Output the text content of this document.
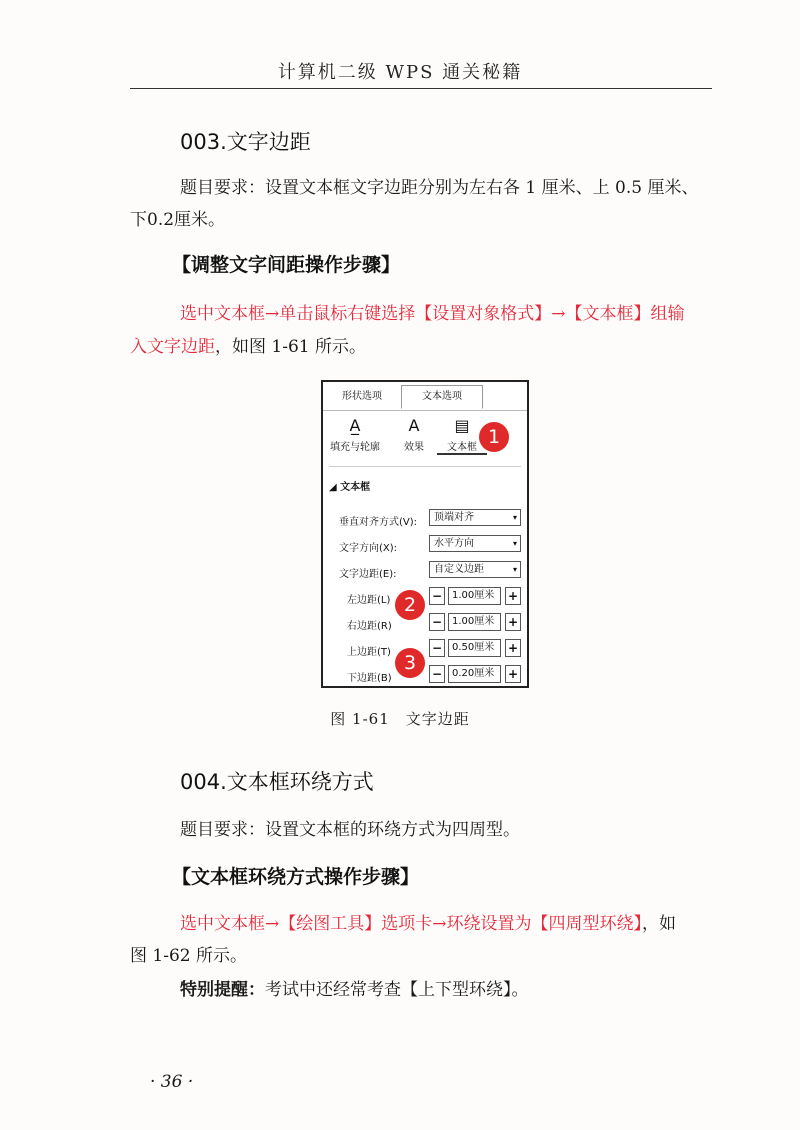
计算机二级 WPS 通关秘籍
003.文字边距
题目要求：设置文本框文字边距分别为左右各 1 厘米、上 0.5 厘米、
下0.2厘米。
【调整文字间距操作步骤】
选中文本框→单击鼠标右键选择【设置对象格式】→【文本框】组输
入文字边距，如图 1-61 所示。
形状选项	文本选项
A̲
填充与轮廓
A
效果
▤
文本框
◢ 文本框
垂直对齐方式(V):	顶端对齐	▾
文字方向(X):	水平方向	▾
文字边距(E):	自定义边距	▾
左边距(L)	− 1.00厘米	+
右边距(R)	− 1.00厘米	+
上边距(T)	− 0.50厘米	+
下边距(B)	− 0.20厘米	+
1
2
3
图 1-61　文字边距
004.文本框环绕方式
题目要求：设置文本框的环绕方式为四周型。
【文本框环绕方式操作步骤】
选中文本框→【绘图工具】选项卡→环绕设置为【四周型环绕】，如
图 1-62 所示。
特别提醒：考试中还经常考查【上下型环绕】。
· 36 ·
